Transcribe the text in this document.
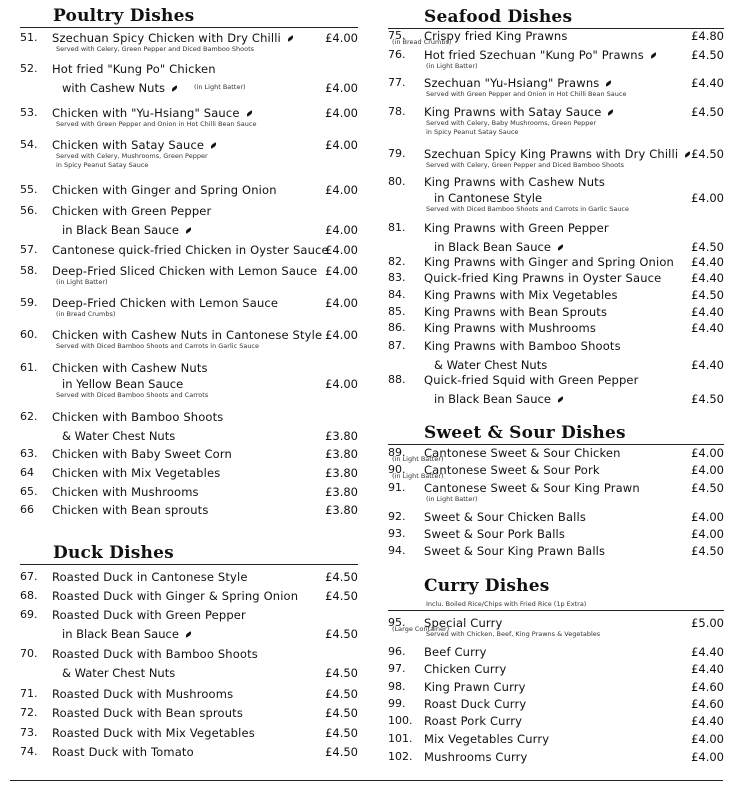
Poultry Dishes
Duck Dishes
51. Szechuan Spicy Chicken with Dry Chilli
Served with Celery, Green Pepper and Diced Bamboo Shoots
£4.00
52. Hot fried "Kung Po" Chicken
with Cashew Nuts	(in Light Batter)	£4.00
53. Chicken with "Yu-Hsiang" Sauce
Served with Green Pepper and Onion in Hot Chilli Bean Sauce
£4.00
54. Chicken with Satay Sauce
Served with Celery, Mushrooms, Green Pepper
in Spicy Peanut Satay Sauce
£4.00
55. Chicken with Ginger and Spring Onion	£4.00
56. Chicken with Green Pepper
in Black Bean Sauce	£4.00
57. Cantonese quick-fried Chicken in Oyster Sauce
£4.00
58. Deep-Fried Sliced Chicken with Lemon Sauce
(in Light Batter)
£4.00
59. Deep-Fried Chicken with Lemon Sauce
(in Bread Crumbs)
£4.00
60. Chicken with Cashew Nuts in Cantonese Style
Served with Diced Bamboo Shoots and Carrots in Garlic Sauce
£4.00
61. Chicken with Cashew Nuts
in Yellow Bean Sauce
Served with Diced Bamboo Shoots and Carrots
£4.00
62. Chicken with Bamboo Shoots
& Water Chest Nuts	£3.80
63. Chicken with Baby Sweet Corn	£3.80
64 Chicken with Mix Vegetables	£3.80
65. Chicken with Mushrooms	£3.80
66 Chicken with Bean sprouts	£3.80
67. Roasted Duck in Cantonese Style	£4.50
68. Roasted Duck with Ginger & Spring Onion £4.50
69. Roasted Duck with Green Pepper
in Black Bean Sauce	£4.50
70. Roasted Duck with Bamboo Shoots
& Water Chest Nuts	£4.50
71. Roasted Duck with Mushrooms	£4.50
72. Roasted Duck with Bean sprouts	£4.50
73. Roasted Duck with Mix Vegetables	£4.50
74. Roast Duck with Tomato	£4.50
Seafood Dishes
Sweet & Sour Dishes
Curry Dishes
Inclu. Boiled Rice/Chips with Fried Rice (1p Extra)
75. Crispy fried King Prawns
(in Bread Crumbs)	£4.80
76. Hot fried Szechuan "Kung Po" Prawns
(in Light Batter)
£4.50
77. Szechuan "Yu-Hsiang" Prawns
Served with Green Pepper and Onion in Hot Chilli Bean Sauce
£4.40
78. King Prawns with Satay Sauce
Served with Celery, Baby Mushrooms, Green Pepper
in Spicy Peanut Satay Sauce
£4.50
79. Szechuan Spicy King Prawns with Dry Chilli
Served with Celery, Green Pepper and Diced Bamboo Shoots
£4.50
80. King Prawns with Cashew Nuts
in Cantonese Style
Served with Diced Bamboo Shoots and Carrots in Garlic Sauce
£4.00
81. King Prawns with Green Pepper
in Black Bean Sauce	£4.50
82. King Prawns with Ginger and Spring Onion £4.40
83. Quick-fried King Prawns in Oyster Sauce	£4.40
84. King Prawns with Mix Vegetables	£4.50
85. King Prawns with Bean Sprouts	£4.40
86. King Prawns with Mushrooms	£4.40
87. King Prawns with Bamboo Shoots
& Water Chest Nuts	£4.40
88. Quick-fried Squid with Green Pepper
in Black Bean Sauce	£4.50
89. Cantonese Sweet & Sour Chicken
(in Light Batter)	£4.00
90. Cantonese Sweet & Sour Pork
(in Light Batter)	£4.00
91. Cantonese Sweet & Sour King Prawn
(in Light Batter)
£4.50
92. Sweet & Sour Chicken Balls	£4.00
93. Sweet & Sour Pork Balls	£4.00
94. Sweet & Sour King Prawn Balls	£4.50
95. Special Curry
(Large Container)
Served with Chicken, Beef, King Prawns & Vegetables
£5.00
96. Beef Curry	£4.40
97. Chicken Curry	£4.40
98. King Prawn Curry	£4.60
99. Roast Duck Curry	£4.60
100. Roast Pork Curry	£4.40
101. Mix Vegetables Curry	£4.00
102. Mushrooms Curry	£4.00
